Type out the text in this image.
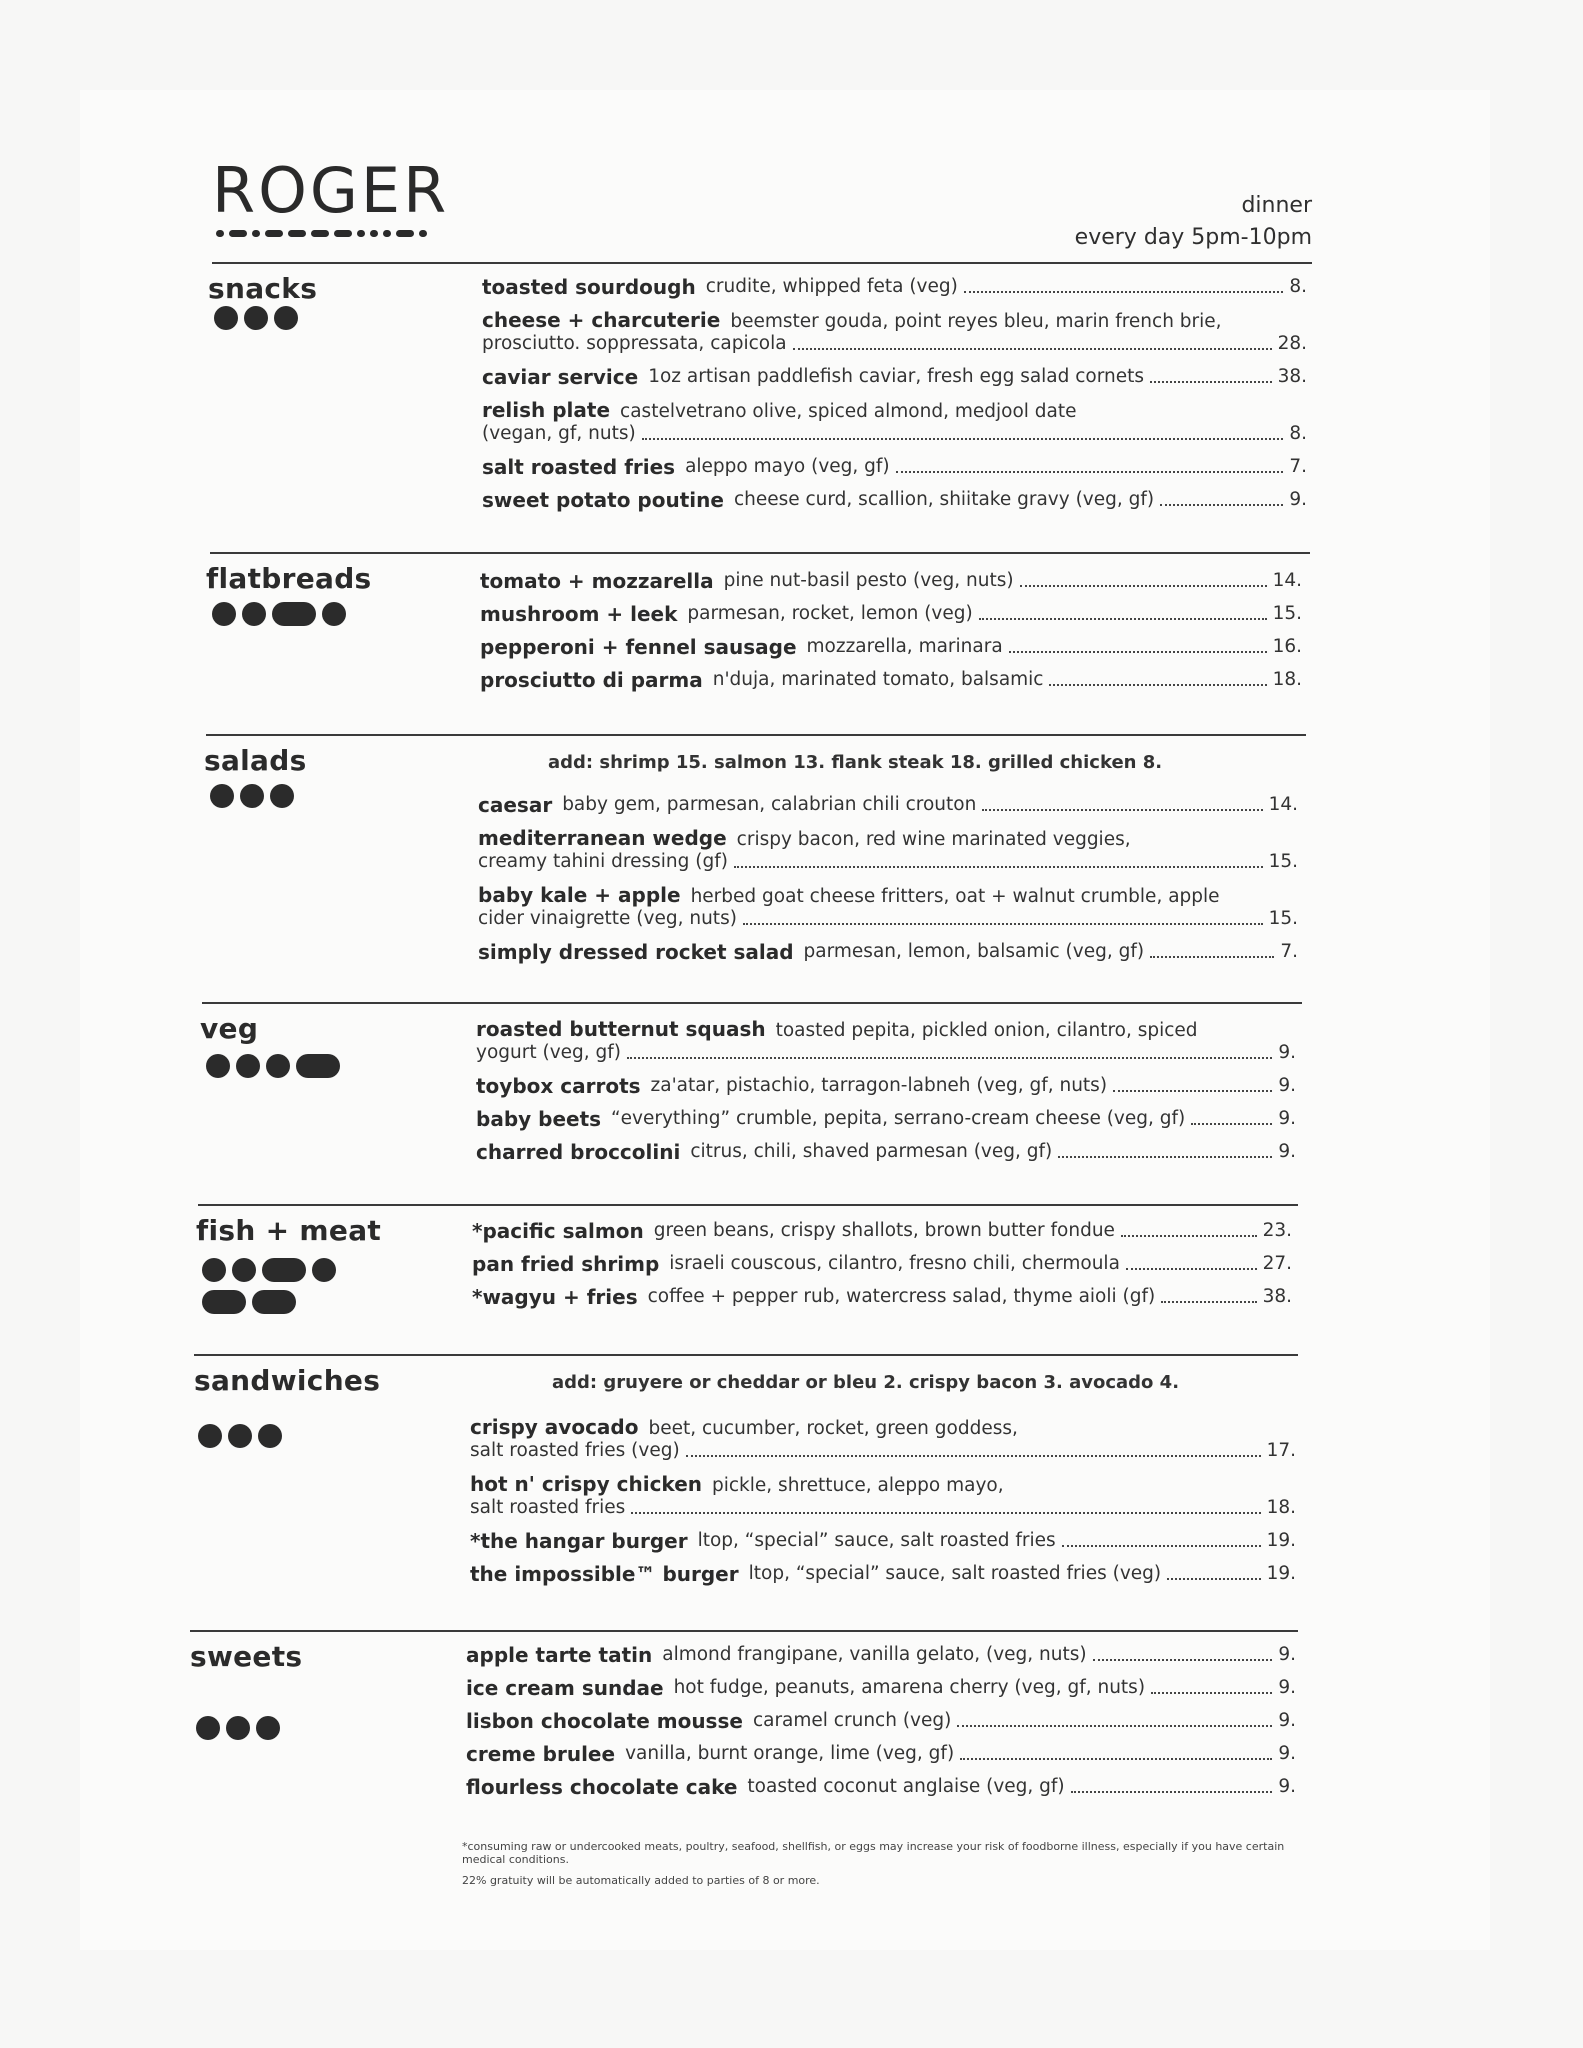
ROGER	dinner
every day 5pm-10pm
snacks	toasted sourdough crudite, whipped feta (veg)	8.
cheese + charcuterie beemster gouda, point reyes bleu, marin french brie,
prosciutto. soppressata, capicola	28.
caviar service 1oz artisan paddlefish caviar, fresh egg salad cornets	38.
relish plate castelvetrano olive, spiced almond, medjool date
(vegan, gf, nuts)	8.
salt roasted fries aleppo mayo (veg, gf)	7.
sweet potato poutine cheese curd, scallion, shiitake gravy (veg, gf)	9.
flatbreads	tomato + mozzarella pine nut-basil pesto (veg, nuts)	14.
mushroom + leek parmesan, rocket, lemon (veg)	15.
pepperoni + fennel sausage mozzarella, marinara	16.
prosciutto di parma n'duja, marinated tomato, balsamic	18.
salads	add: shrimp 15. salmon 13. flank steak 18. grilled chicken 8.
caesar baby gem, parmesan, calabrian chili crouton	14.
mediterranean wedge crispy bacon, red wine marinated veggies,
creamy tahini dressing (gf)	15.
baby kale + apple herbed goat cheese fritters, oat + walnut crumble, apple
cider vinaigrette (veg, nuts)	15.
simply dressed rocket salad parmesan, lemon, balsamic (veg, gf)	7.
veg	roasted butternut squash toasted pepita, pickled onion, cilantro, spiced
yogurt (veg, gf)	9.
toybox carrots za'atar, pistachio, tarragon-labneh (veg, gf, nuts)	9.
baby beets “everything” crumble, pepita, serrano-cream cheese (veg, gf)	9.
charred broccolini citrus, chili, shaved parmesan (veg, gf)	9.
fish + meat	*pacific salmon green beans, crispy shallots, brown butter fondue	23.
pan fried shrimp israeli couscous, cilantro, fresno chili, chermoula	27.
*wagyu + fries coffee + pepper rub, watercress salad, thyme aioli (gf)	38.
sandwiches	add: gruyere or cheddar or bleu 2. crispy bacon 3. avocado 4.
crispy avocado beet, cucumber, rocket, green goddess,
salt roasted fries (veg)	17.
hot n' crispy chicken pickle, shrettuce, aleppo mayo,
salt roasted fries	18.
*the hangar burger ltop, “special” sauce, salt roasted fries	19.
the impossible™ burger ltop, “special” sauce, salt roasted fries (veg)	19.
sweets	apple tarte tatin almond frangipane, vanilla gelato, (veg, nuts)	9.
ice cream sundae hot fudge, peanuts, amarena cherry (veg, gf, nuts)	9.
lisbon chocolate mousse caramel crunch (veg)	9.
creme brulee vanilla, burnt orange, lime (veg, gf)	9.
flourless chocolate cake toasted coconut anglaise (veg, gf)	9.

*consuming raw or undercooked meats, poultry, seafood, shellfish, or eggs may increase your risk of foodborne illness, especially if you have certain medical conditions.

22% gratuity will be automatically added to parties of 8 or more.
